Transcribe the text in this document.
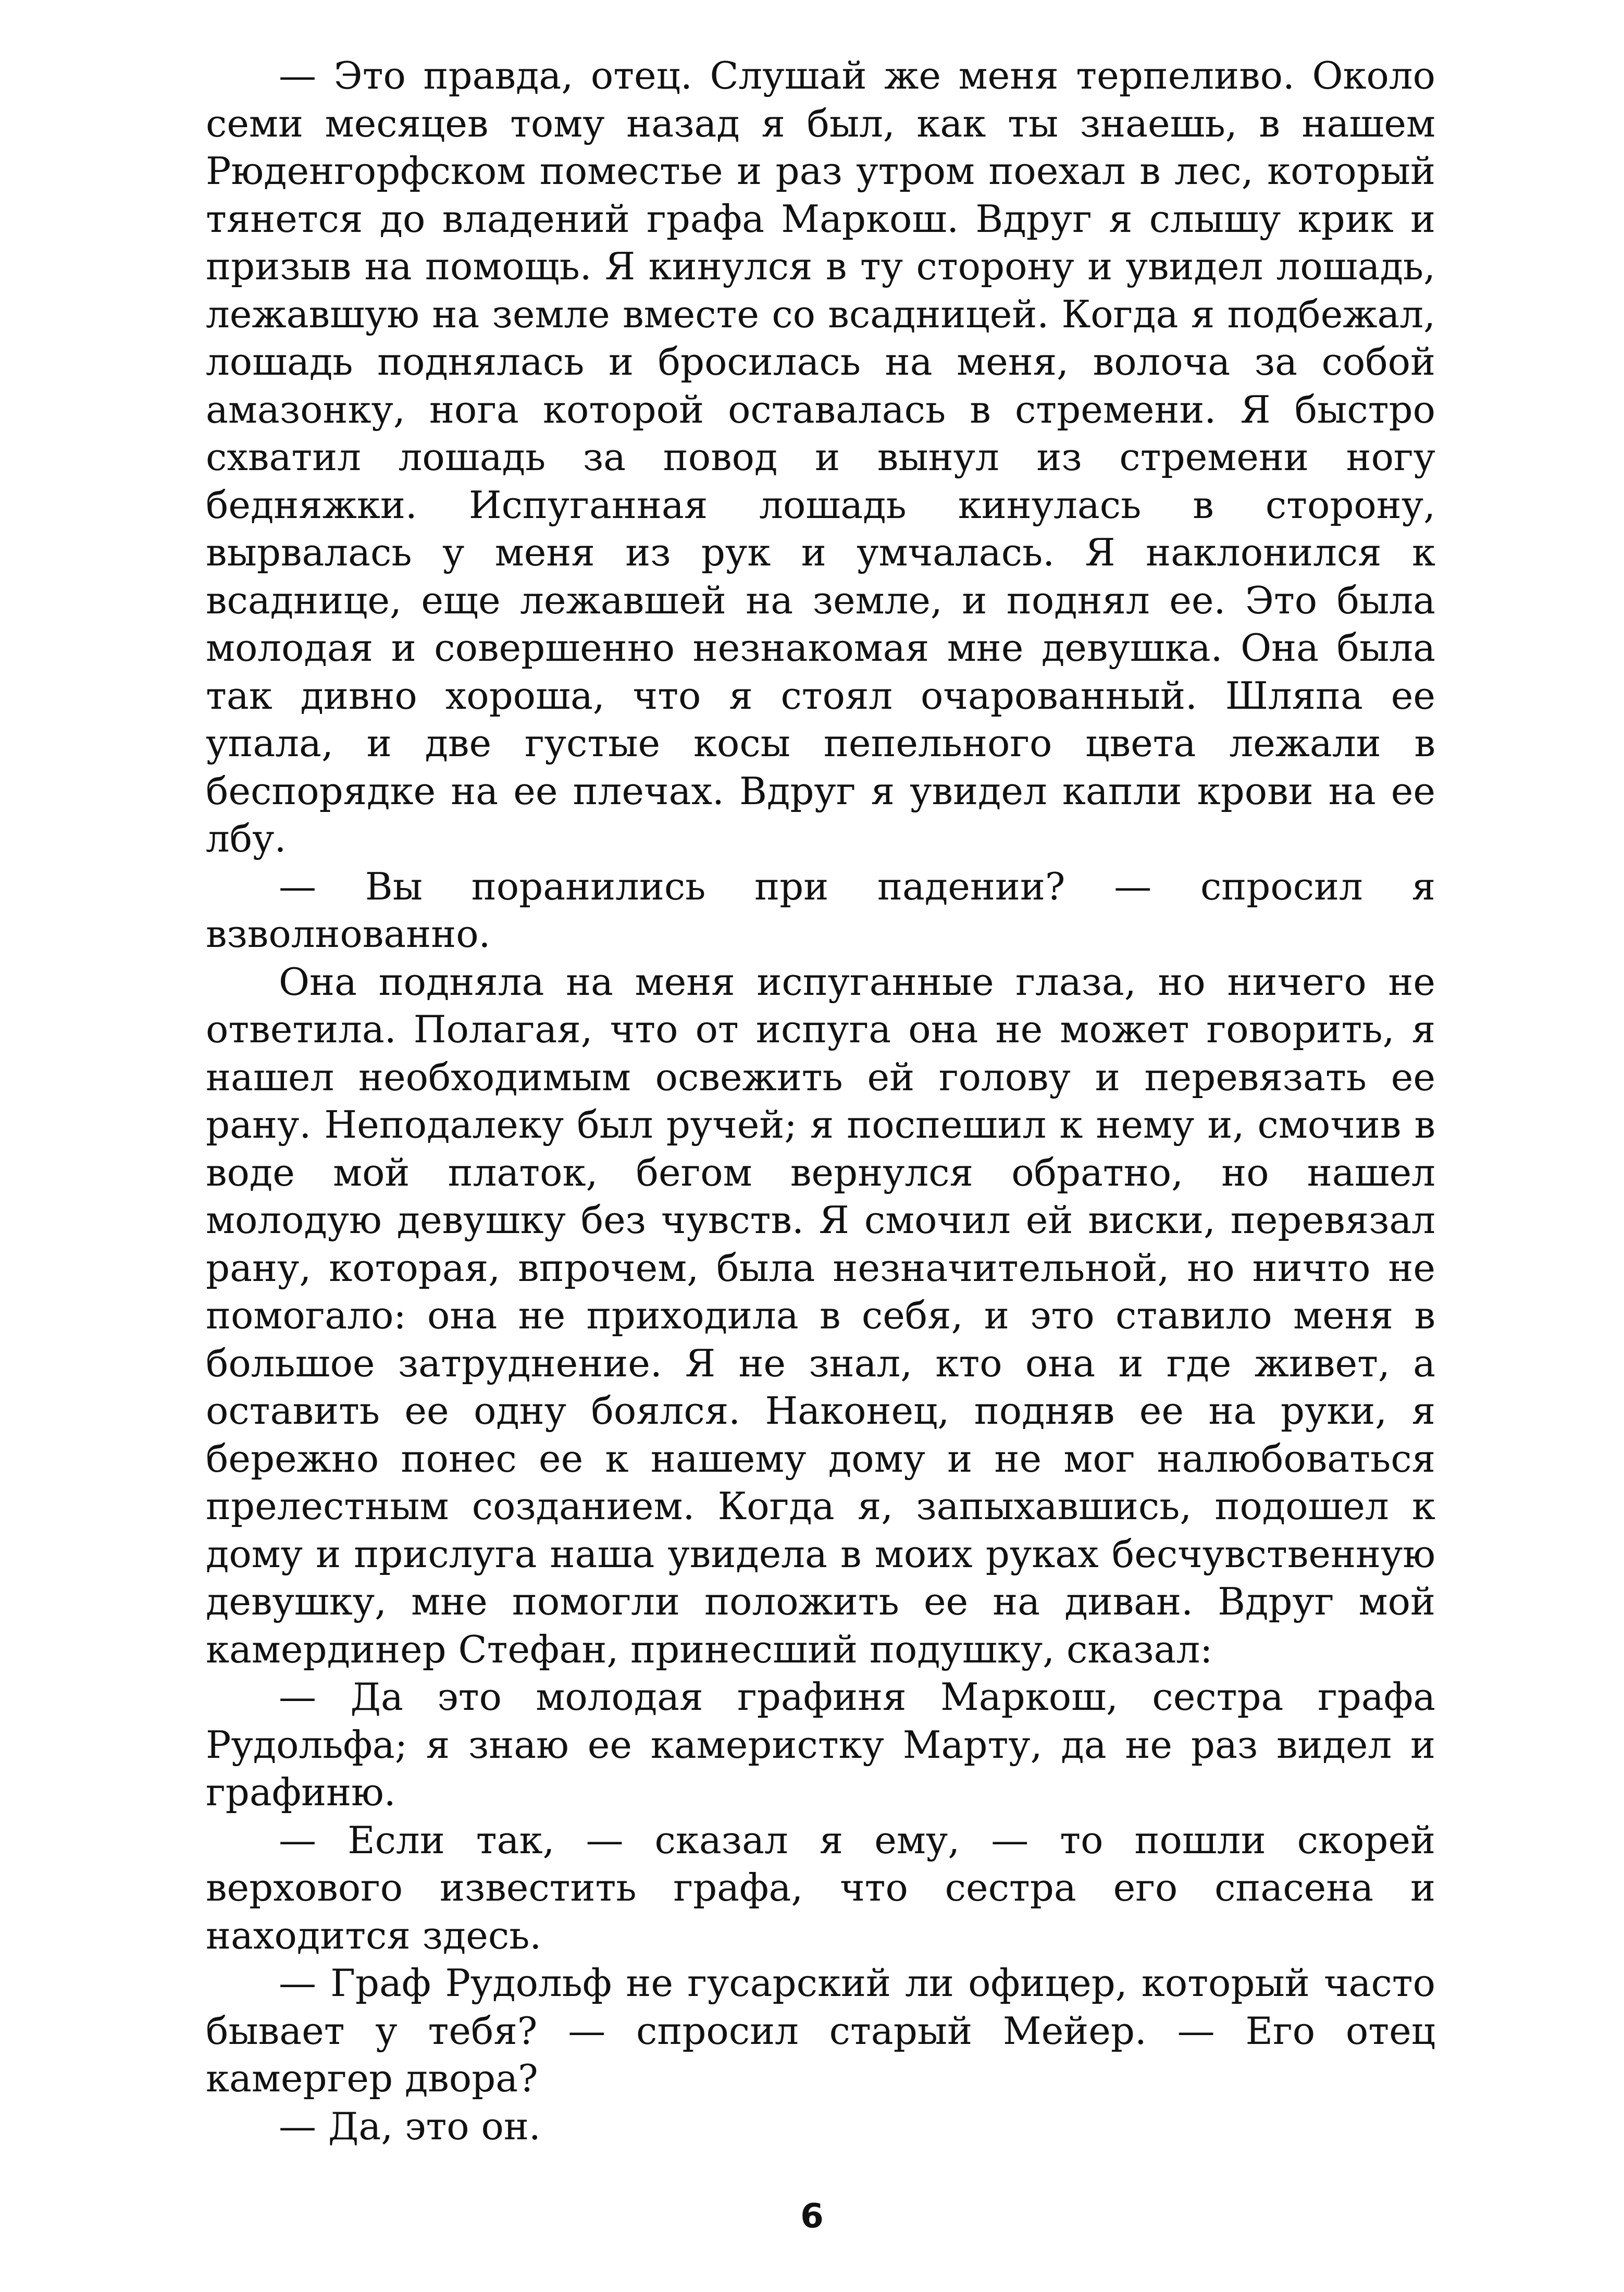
— Это правда, отец. Слушай же меня терпеливо. Около семи месяцев тому назад я был, как ты знаешь, в нашем Рюденгорфском поместье и раз утром поехал в лес, который тянется до владений графа Маркош. Вдруг я слышу крик и призыв на помощь. Я кинулся в ту сторону и увидел лошадь, лежавшую на земле вместе со всадницей. Когда я подбежал, лошадь поднялась и бросилась на меня, волоча за собой амазонку, нога которой оставалась в стремени. Я быстро схватил лошадь за повод и вынул из стремени ногу бедняжки. Испуганная лошадь кинулась в сторону, вырвалась у меня из рук и умчалась. Я наклонился к всаднице, еще лежавшей на земле, и поднял ее. Это была молодая и совершенно незнакомая мне девушка. Она была так дивно хороша, что я стоял очарованный. Шляпа ее упала, и две густые косы пепельного цвета лежали в беспорядке на ее плечах. Вдруг я увидел капли крови на ее лбу.

— Вы поранились при падении? — спросил я взволнованно.

Она подняла на меня испуганные глаза, но ничего не ответила. Полагая, что от испуга она не может говорить, я нашел необходимым освежить ей голову и перевязать ее рану. Неподалеку был ручей; я поспешил к нему и, смочив в воде мой платок, бегом вернулся обратно, но нашел молодую девушку без чувств. Я смочил ей виски, перевязал рану, которая, впрочем, была незначительной, но ничто не помогало: она не приходила в себя, и это ставило меня в большое затруднение. Я не знал, кто она и где живет, а оставить ее одну боялся. Наконец, подняв ее на руки, я бережно понес ее к нашему дому и не мог налюбоваться прелестным созданием. Когда я, запыхавшись, подошел к дому и прислуга наша увидела в моих руках бесчувственную девушку, мне помогли положить ее на диван. Вдруг мой камердинер Стефан, принесший подушку, сказал:

— Да это молодая графиня Маркош, сестра графа Рудольфа; я знаю ее камеристку Марту, да не раз видел и графиню.

— Если так, — сказал я ему, — то пошли скорей верхового известить графа, что сестра его спасена и находится здесь.

— Граф Рудольф не гусарский ли офицер, который часто бывает у тебя? — спросил старый Мейер. — Его отец камергер двора?

— Да, это он.

6
